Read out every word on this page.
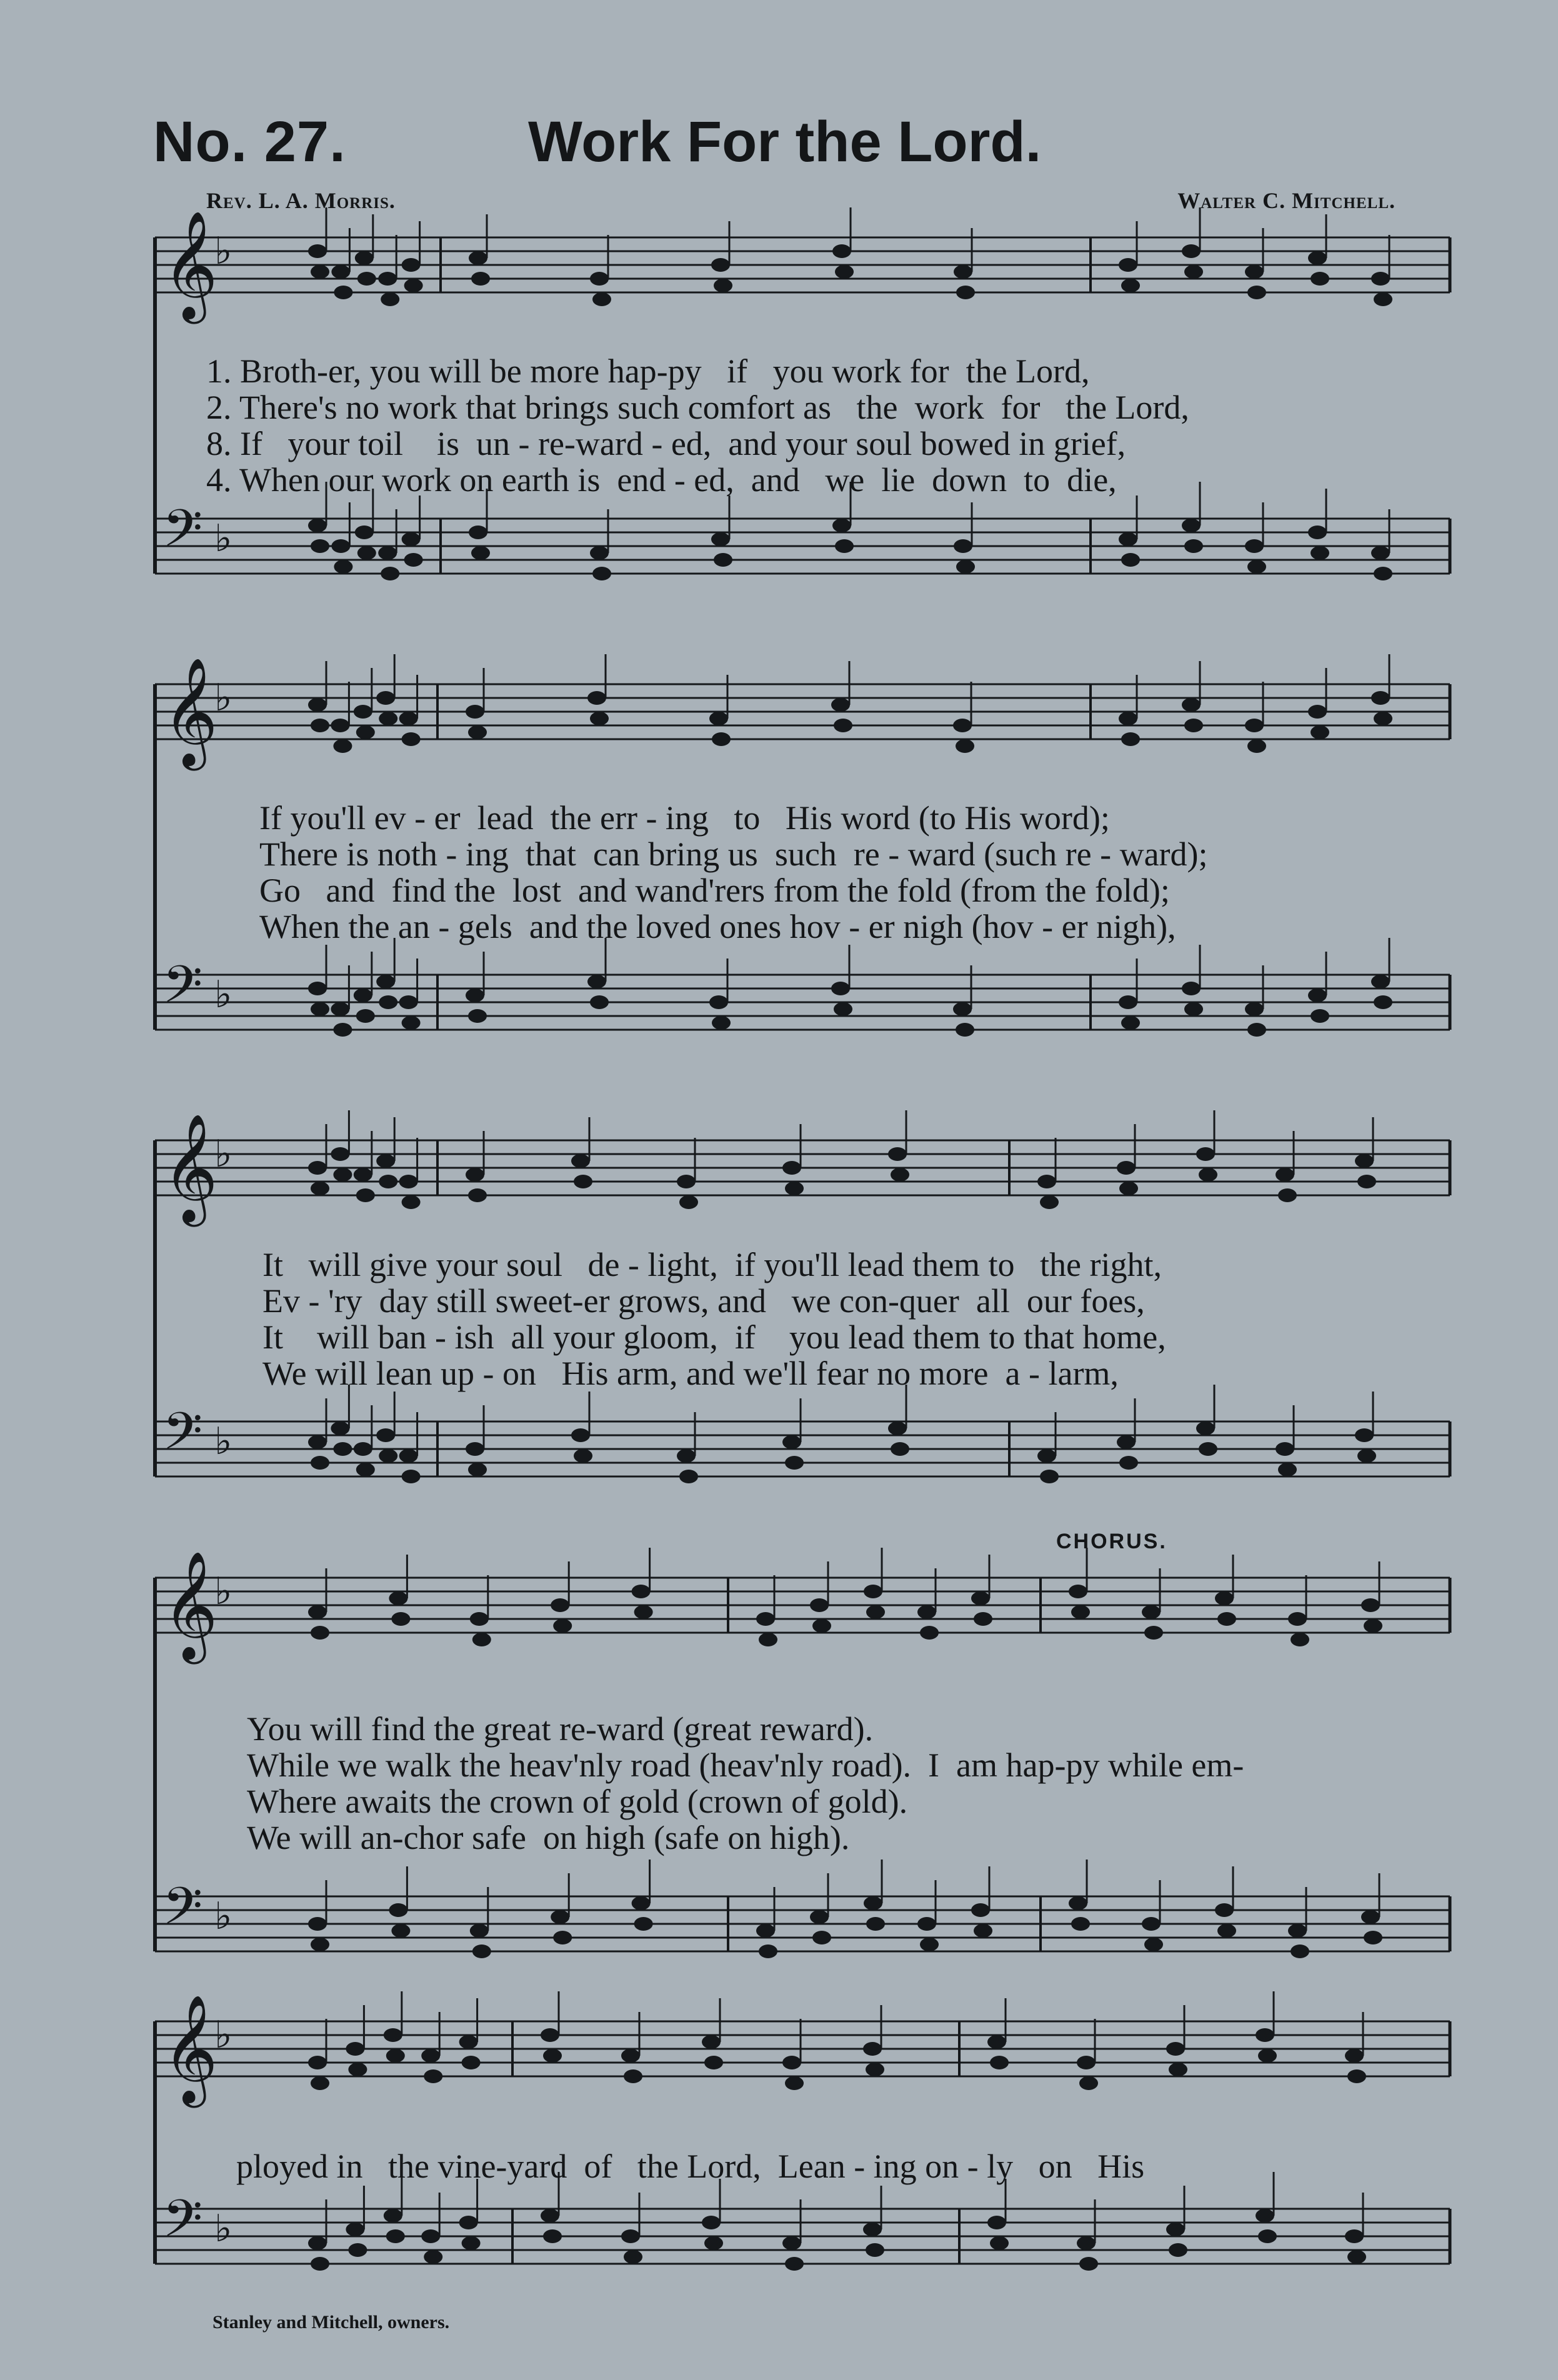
No. 27.	Work For the Lord.
Rev. L. A. Morris.	Walter C. Mitchell.
𝄞
♭
𝄢 ♭
𝄞
♭
𝄢 ♭
𝄞
♭
𝄢 ♭
𝄞
♭
𝄢 ♭
𝄞
♭
𝄢 ♭
1. Broth-er, you will be more hap-py   if   you work for  the Lord,
2. There's no work that brings such comfort as   the  work  for   the Lord,
8. If   your toil    is  un - re-ward - ed,  and your soul bowed in grief,
4. When our work on earth is  end - ed,  and   we  lie  down  to  die,
If you'll ev - er  lead  the err - ing   to   His word (to His word);
There is noth - ing  that  can bring us  such  re - ward (such re - ward);
Go   and  find the  lost  and wand'rers from the fold (from the fold);
When the an - gels  and the loved ones hov - er nigh (hov - er nigh),
It   will give your soul   de - light,  if you'll lead them to   the right,
Ev - 'ry  day still sweet-er grows, and   we con-quer  all  our foes,
It    will ban - ish  all your gloom,  if    you lead them to that home,
We will lean up - on   His arm, and we'll fear no more  a - larm,
CHORUS.
You will find the great re-ward (great reward).
While we walk the heav'nly road (heav'nly road).  I  am hap-py while em-
Where awaits the crown of gold (crown of gold).
We will an-chor safe  on high (safe on high).
ployed in   the vine-yard  of   the Lord,  Lean - ing on - ly   on   His
Stanley and Mitchell, owners.
